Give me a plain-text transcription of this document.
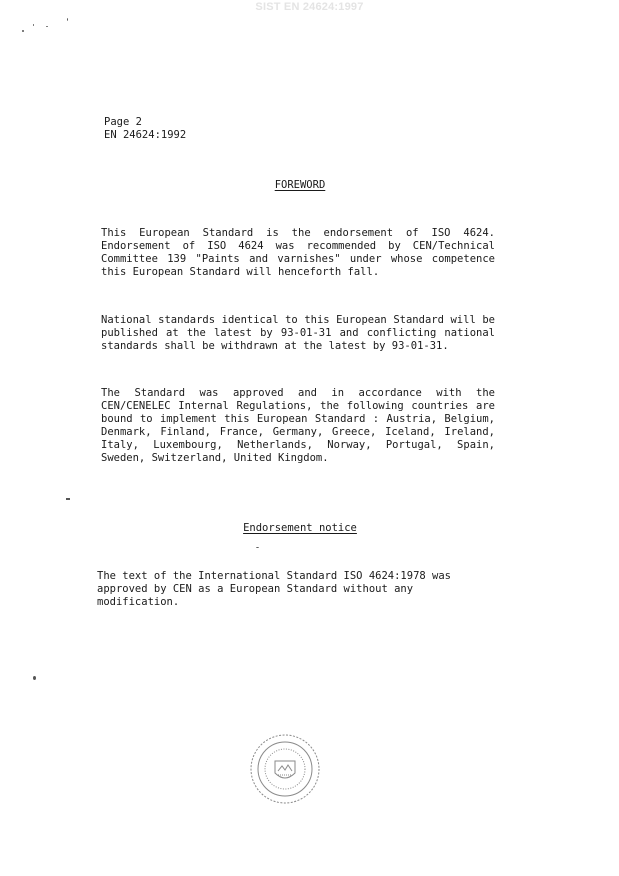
SIST EN 24624:1997
Page 2
EN 24624:1992
FOREWORD
This European Standard is the endorsement of ISO 4624. Endorsement of ISO 4624 was recommended by CEN/Technical Committee 139 "Paints and varnishes" under whose competence this European Standard will henceforth fall.
National standards identical to this European Standard will be published at the latest by 93-01-31 and conflicting national standards shall be withdrawn at the latest by 93-01-31.
The Standard was approved and in accordance with the CEN/CENELEC Internal Regulations, the following countries are bound to implement this European Standard : Austria, Belgium, Denmark, Finland, France, Germany, Greece, Iceland, Ireland, Italy, Luxembourg, Netherlands, Norway, Portugal, Spain, Sweden, Switzerland, United Kingdom.
Endorsement notice
The text of the International Standard ISO 4624:1978 was approved by CEN as a European Standard without any modification.
